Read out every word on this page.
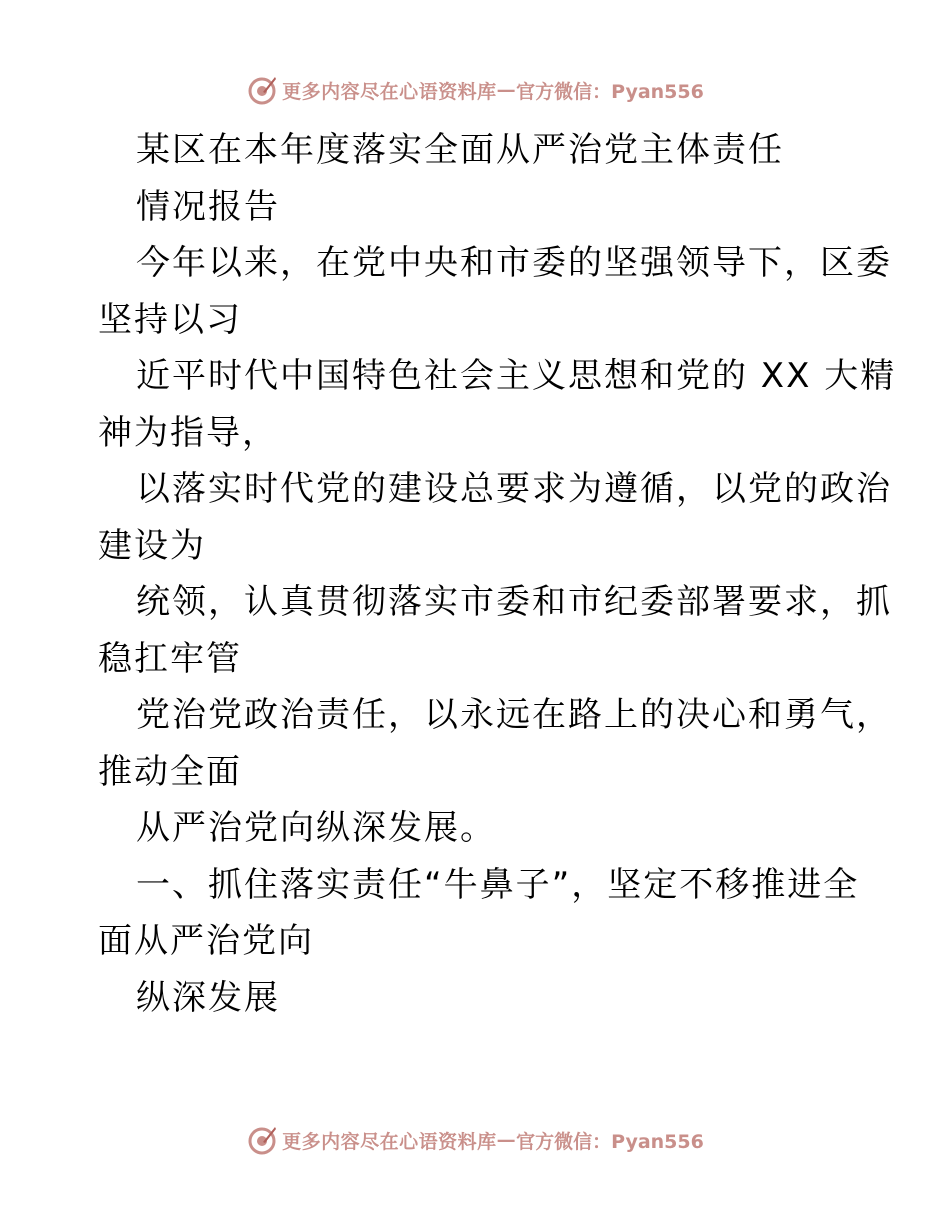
更多内容尽在心语资料库 — 官方微信：Pyan556
某区在本年度落实全面从严治党主体责任
情况报告
今年以来，在党中央和市委的坚强领导下，区委
坚持以习
近平时代中国特色社会主义思想和党的 XX 大精
神为指导，
以落实时代党的建设总要求为遵循，以党的政治
建设为
统领，认真贯彻落实市委和市纪委部署要求，抓
稳扛牢管
党治党政治责任，以永远在路上的决心和勇气，
推动全面
从严治党向纵深发展。
一、抓住落实责任“牛鼻子”，坚定不移推进全
面从严治党向
纵深发展
更多内容尽在心语资料库 — 官方微信：Pyan556
